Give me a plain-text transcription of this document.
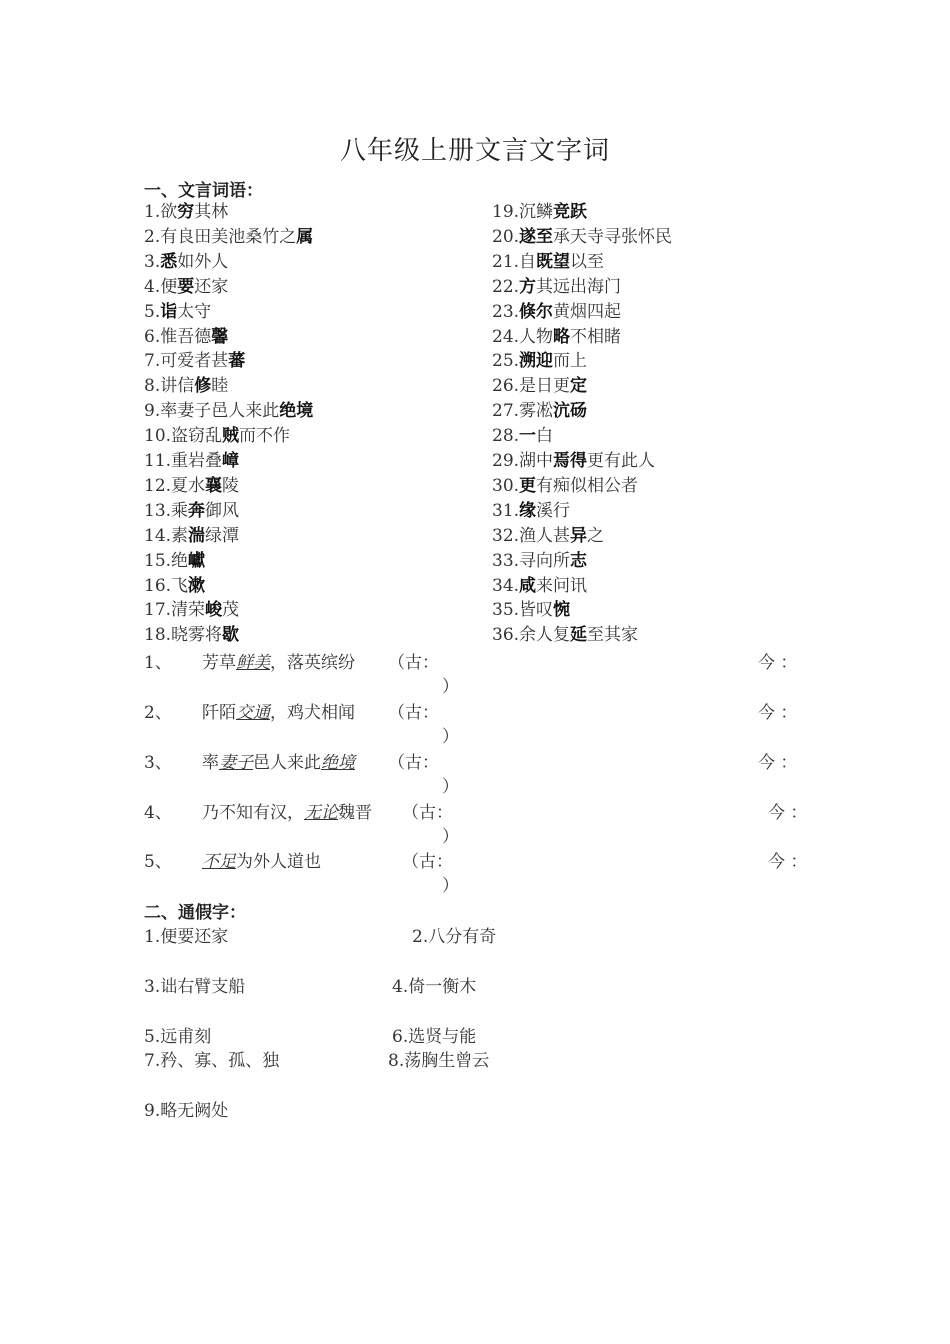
八年级上册文言文字词
一、文言词语：
1.欲穷其林
2.有良田美池桑竹之属
3.悉如外人
4.便要还家
5.诣太守
6.惟吾德馨
7.可爱者甚蕃
8.讲信修睦
9.率妻子邑人来此绝境
10.盗窃乱贼而不作
11.重岩叠嶂
12.夏水襄陵
13.乘奔御风
14.素湍绿潭
15.绝巘
16.飞漱
17.清荣峻茂
18.晓雾将歇
19.沉鳞竞跃
20.遂至承天寺寻张怀民
21.自既望以至
22.方其远出海门
23.倏尔黄烟四起
24.人物略不相睹
25.溯迎而上
26.是日更定
27.雾凇沆砀
28.一白
29.湖中焉得更有此人
30.更有痴似相公者
31.缘溪行
32.渔人甚异之
33.寻向所志
34.咸来问讯
35.皆叹惋
36.余人复延至其家
1、 芳草鲜美，落英缤纷 （古：	今 ：
）
2、 阡陌交通，鸡犬相闻 （古：	今 ：
）
3、 率妻子邑人来此绝境 （古：	今 ：
）
4、 乃不知有汉，无论魏晋 （古：	今 ：
）
5、 不足为外人道也	（古：	今 ：
）
二、通假字：
1.便要还家	2.八分有奇
3.诎右臂支船	4.倚一衡木
5.远甫刻	6.选贤与能
7.矜、寡、孤、独	8.荡胸生曾云
9.略无阙处
